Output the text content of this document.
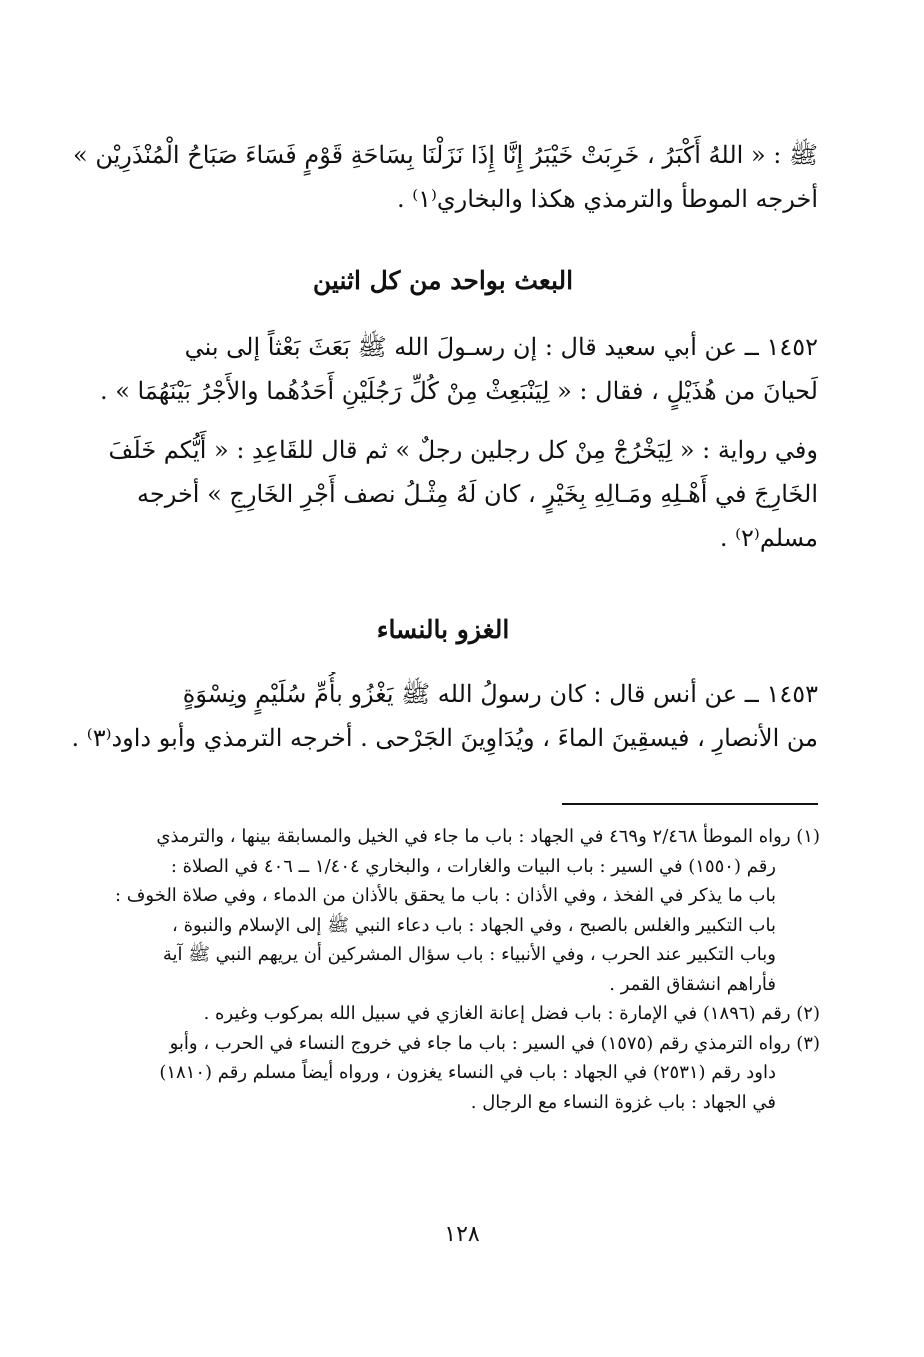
ﷺ : « اللهُ أَكْبَرُ ، خَرِبَتْ خَيْبَرُ إِنَّا إِذَا نَزَلْنَا بِسَاحَةِ قَوْمٍ فَسَاءَ صَبَاحُ الْمُنْذَرِيْن »
أخرجه الموطأ والترمذي هكذا والبخاري⁽١⁾ .
البعث بواحد من كل اثنين
١٤٥٢ ــ عن أبي سعيد قال : إن رسـولَ الله ﷺ بَعَثَ بَعْثاً إلى بني
لَحيانَ من هُذَيْلٍ ، فقال : « لِيَنْبَعِثْ مِنْ كُلِّ رَجُلَيْنِ أَحَدُهُما والأَجْرُ بَيْنَهُمَا » .
وفي رواية : « لِيَخْرُجْ مِنْ كل رجلين رجلٌ » ثم قال للقَاعِدِ : « أَيُّكم خَلَفَ
الخَارِجَ في أَهْـلِهِ ومَـالِهِ بِخَيْرٍ ، كان لَهُ مِثْـلُ نصف أَجْرِ الخَارِجِ » أخرجه
مسلم⁽٢⁾ .
الغزو بالنساء
١٤٥٣ ــ عن أنس قال : كان رسولُ الله ﷺ يَغْزُو بأُمِّ سُلَيْمٍ ونِسْوَةٍ
من الأنصارِ ، فيسقِينَ الماءَ ، ويُدَاوِينَ الجَرْحى . أخرجه الترمذي وأبو داود⁽٣⁾ .
(١) رواه الموطأ ٢/٤٦٨ و٤٦٩ في الجهاد : باب ما جاء في الخيل والمسابقة بينها ، والترمذي
رقم (١٥٥٠) في السير : باب البيات والغارات ، والبخاري ١/٤٠٤ ــ ٤٠٦ في الصلاة :
باب ما يذكر في الفخذ ، وفي الأذان : باب ما يحقق بالأذان من الدماء ، وفي صلاة الخوف :
باب التكبير والغلس بالصبح ، وفي الجهاد : باب دعاء النبي ﷺ إلى الإسلام والنبوة ،
وباب التكبير عند الحرب ، وفي الأنبياء : باب سؤال المشركين أن يريهم النبي ﷺ آية
فأراهم انشقاق القمر .
(٢) رقم (١٨٩٦) في الإمارة : باب فضل إعانة الغازي في سبيل الله بمركوب وغيره .
(٣) رواه الترمذي رقم (١٥٧٥) في السير : باب ما جاء في خروج النساء في الحرب ، وأبو
داود رقم (٢٥٣١) في الجهاد : باب في النساء يغزون ، ورواه أيضاً مسلم رقم (١٨١٠)
في الجهاد : باب غزوة النساء مع الرجال .
١٢٨
